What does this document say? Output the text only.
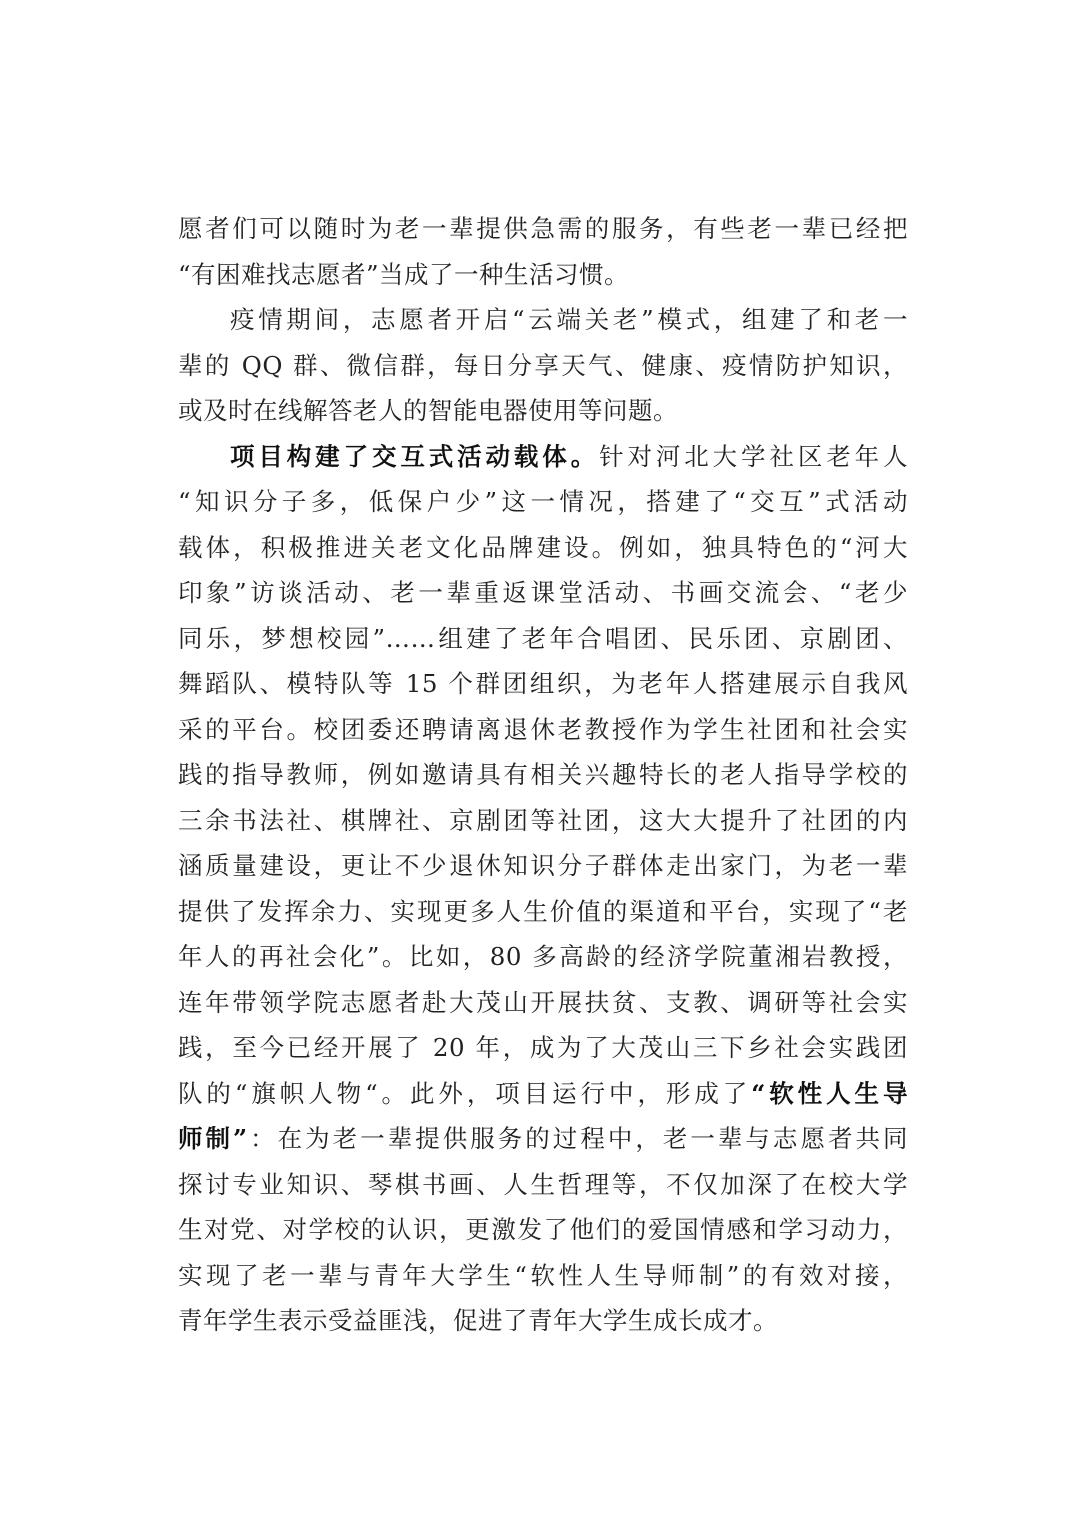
愿者们可以随时为老一辈提供急需的服务，有些老一辈已经把
“有困难找志愿者”当成了一种生活习惯。
疫情期间，志愿者开启“云端关老”模式，组建了和老一
辈的 QQ 群、微信群，每日分享天气、健康、疫情防护知识，
或及时在线解答老人的智能电器使用等问题。
项目构建了交互式活动载体。针对河北大学社区老年人
“知识分子多，低保户少”这一情况，搭建了“交互”式活动
载体，积极推进关老文化品牌建设。例如，独具特色的“河大
印象”访谈活动、老一辈重返课堂活动、书画交流会、“老少
同乐，梦想校园”……组建了老年合唱团、民乐团、京剧团、
舞蹈队、模特队等 15 个群团组织，为老年人搭建展示自我风
采的平台。校团委还聘请离退休老教授作为学生社团和社会实
践的指导教师，例如邀请具有相关兴趣特长的老人指导学校的
三余书法社、棋牌社、京剧团等社团，这大大提升了社团的内
涵质量建设，更让不少退休知识分子群体走出家门，为老一辈
提供了发挥余力、实现更多人生价值的渠道和平台，实现了“老
年人的再社会化”。比如，80 多高龄的经济学院董湘岩教授，
连年带领学院志愿者赴大茂山开展扶贫、支教、调研等社会实
践，至今已经开展了 20 年，成为了大茂山三下乡社会实践团
队的“旗帜人物“。此外，项目运行中，形成了“软性人生导
师制”：在为老一辈提供服务的过程中，老一辈与志愿者共同
探讨专业知识、琴棋书画、人生哲理等，不仅加深了在校大学
生对党、对学校的认识，更激发了他们的爱国情感和学习动力，
实现了老一辈与青年大学生“软性人生导师制”的有效对接，
青年学生表示受益匪浅，促进了青年大学生成长成才。
